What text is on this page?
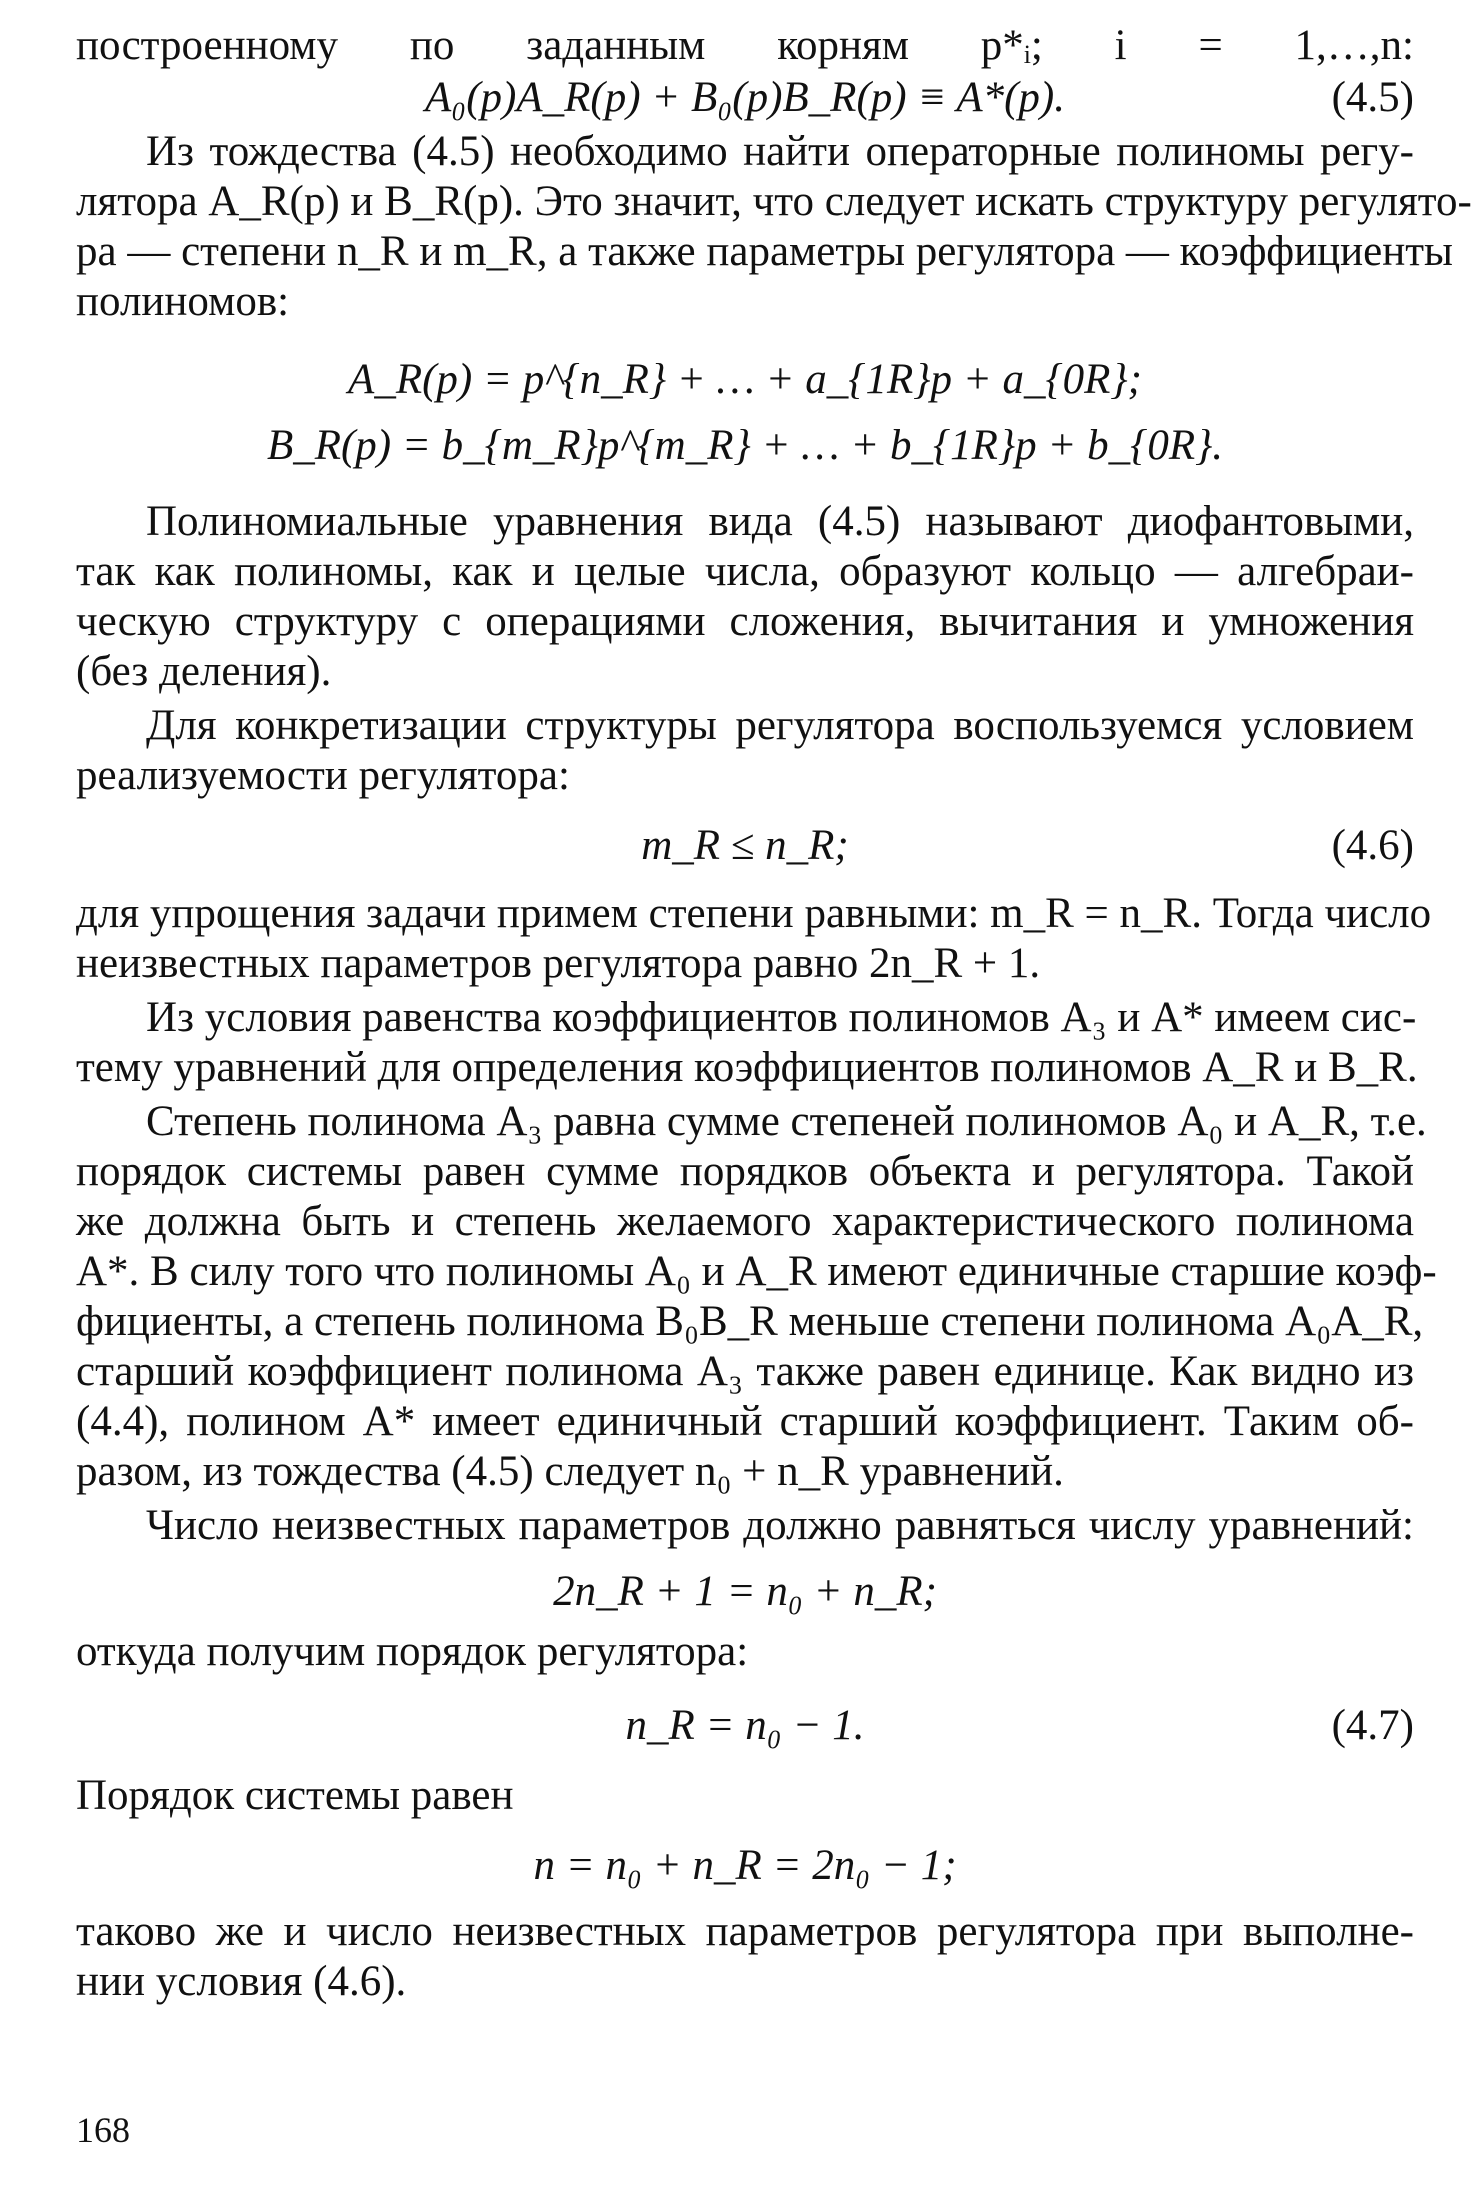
построенному по заданным корням p*ᵢ; i = 1,…,n:
A₀(p)A_R(p) + B₀(p)B_R(p) ≡ A*(p).	(4.5)
Из тождества (4.5) необходимо найти операторные полиномы регу-
лятора A_R(p) и B_R(p). Это значит, что следует искать структуру регулято-
ра — степени n_R и m_R, а также параметры регулятора — коэффициенты
полиномов:
A_R(p) = p^{n_R} + … + a_{1R}p + a_{0R};
B_R(p) = b_{m_R}p^{m_R} + … + b_{1R}p + b_{0R}.
Полиномиальные уравнения вида (4.5) называют диофантовыми,
так как полиномы, как и целые числа, образуют кольцо — алгебраи-
ческую структуру с операциями сложения, вычитания и умножения
(без деления).
Для конкретизации структуры регулятора воспользуемся условием
реализуемости регулятора:
m_R ≤ n_R;	(4.6)
для упрощения задачи примем степени равными: m_R = n_R. Тогда число
неизвестных параметров регулятора равно 2n_R + 1.
Из условия равенства коэффициентов полиномов A₃ и A* имеем сис-
тему уравнений для определения коэффициентов полиномов A_R и B_R.
Степень полинома A₃ равна сумме степеней полиномов A₀ и A_R, т.е.
порядок системы равен сумме порядков объекта и регулятора. Такой
же должна быть и степень желаемого характеристического полинома
A*. В силу того что полиномы A₀ и A_R имеют единичные старшие коэф-
фициенты, а степень полинома B₀B_R меньше степени полинома A₀A_R,
старший коэффициент полинома A₃ также равен единице. Как видно из
(4.4), полином A* имеет единичный старший коэффициент. Таким об-
разом, из тождества (4.5) следует n₀ + n_R уравнений.
Число неизвестных параметров должно равняться числу уравнений:
2n_R + 1 = n₀ + n_R;
откуда получим порядок регулятора:
n_R = n₀ − 1.	(4.7)
Порядок системы равен
n = n₀ + n_R = 2n₀ − 1;
таково же и число неизвестных параметров регулятора при выполне-
нии условия (4.6).
168
